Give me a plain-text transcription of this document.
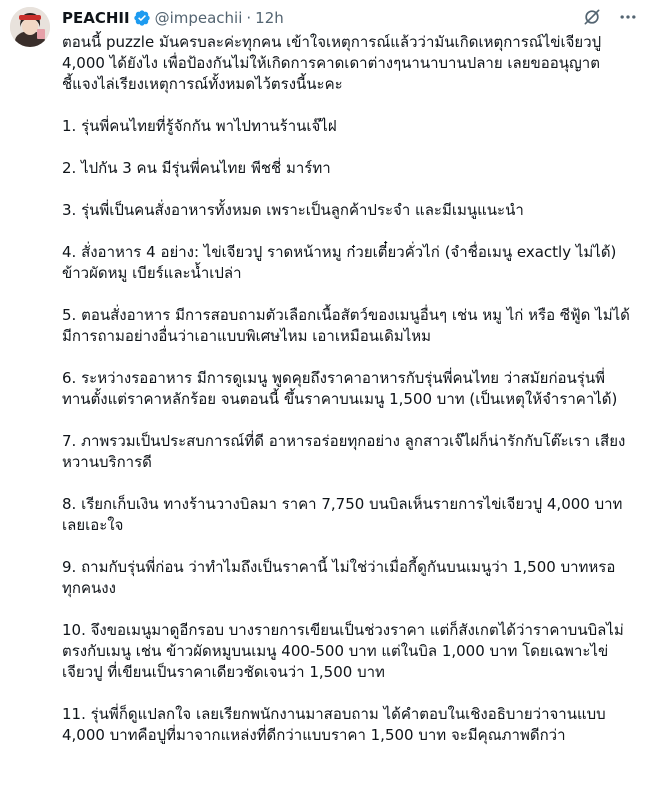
PEACHII @impeachii · 12h

ตอนนี้ puzzle มันครบละค่ะทุกคน เข้าใจเหตุการณ์แล้วว่ามันเกิดเหตุการณ์ไข่เจียวปู 4,000 ได้ยังไง เพื่อป้องกันไม่ให้เกิดการคาดเดาต่างๆนานาบานปลาย เลยขออนุญาตชี้แจงไล่เรียงเหตุการณ์ทั้งหมดไว้ตรงนี้นะคะ

1. รุ่นพี่คนไทยที่รู้จักกัน พาไปทานร้านเจ๊ไฝ

2. ไปกัน 3 คน มีรุ่นพี่คนไทย พีชชี่ มาร์ทา

3. รุ่นพี่เป็นคนสั่งอาหารทั้งหมด เพราะเป็นลูกค้าประจำ และมีเมนูแนะนำ

4. สั่งอาหาร 4 อย่าง: ไข่เจียวปู ราดหน้าหมู ก๋วยเตี๋ยวคั่วไก่ (จำชื่อเมนู exactly ไม่ได้) ข้าวผัดหมู เบียร์และน้ำเปล่า

5. ตอนสั่งอาหาร มีการสอบถามตัวเลือกเนื้อสัตว์ของเมนูอื่นๆ เช่น หมู ไก่ หรือ ซีฟู้ด ไม่ได้มีการถามอย่างอื่นว่าเอาแบบพิเศษไหม เอาเหมือนเดิมไหม

6. ระหว่างรออาหาร มีการดูเมนู พูดคุยถึงราคาอาหารกับรุ่นพี่คนไทย ว่าสมัยก่อนรุ่นพี่ทานตั้งแต่ราคาหลักร้อย จนตอนนี้ ขึ้นราคาบนเมนู 1,500 บาท (เป็นเหตุให้จำราคาได้)

7. ภาพรวมเป็นประสบการณ์ที่ดี อาหารอร่อยทุกอย่าง ลูกสาวเจ๊ไฝก็น่ารักกับโต๊ะเรา เสียงหวานบริการดี

8. เรียกเก็บเงิน ทางร้านวางบิลมา ราคา 7,750 บนบิลเห็นรายการไข่เจียวปู 4,000 บาท เลยเอะใจ

9. ถามกับรุ่นพี่ก่อน ว่าทำไมถึงเป็นราคานี้ ไม่ใช่ว่าเมื่อกี้ดูกันบนเมนูว่า 1,500 บาทหรอ ทุกคนงง

10. จึงขอเมนูมาดูอีกรอบ บางรายการเขียนเป็นช่วงราคา แต่ก็สังเกตได้ว่าราคาบนบิลไม่ตรงกับเมนู เช่น ข้าวผัดหมูบนเมนู 400-500 บาท แต่ในบิล 1,000 บาท โดยเฉพาะไข่เจียวปู ที่เขียนเป็นราคาเดียวชัดเจนว่า 1,500 บาท

11. รุ่นพี่ก็ดูแปลกใจ เลยเรียกพนักงานมาสอบถาม ได้คำตอบในเชิงอธิบายว่าจานแบบ 4,000 บาทคือปูที่มาจากแหล่งที่ดีกว่าแบบราคา 1,500 บาท จะมีคุณภาพดีกว่า
